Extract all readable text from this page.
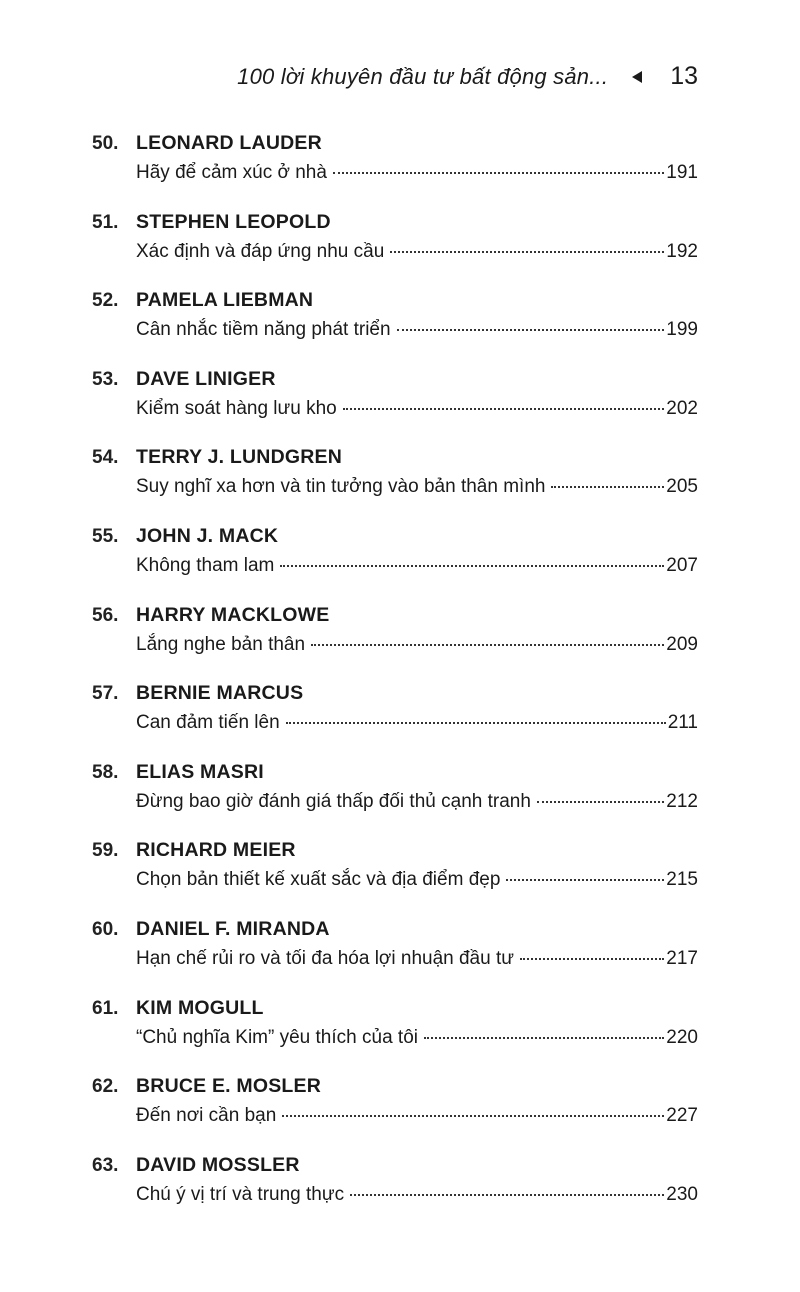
100 lời khuyên đầu tư bất động sản... 13
50. LEONARD LAUDER
Hãy để cảm xúc ở nhà	191
51. STEPHEN LEOPOLD
Xác định và đáp ứng nhu cầu	192
52. PAMELA LIEBMAN
Cân nhắc tiềm năng phát triển	199
53. DAVE LINIGER
Kiểm soát hàng lưu kho	202
54. TERRY J. LUNDGREN
Suy nghĩ xa hơn và tin tưởng vào bản thân mình	205
55. JOHN J. MACK
Không tham lam	207
56. HARRY MACKLOWE
Lắng nghe bản thân	209
57. BERNIE MARCUS
Can đảm tiến lên	211
58. ELIAS MASRI
Đừng bao giờ đánh giá thấp đối thủ cạnh tranh	212
59. RICHARD MEIER
Chọn bản thiết kế xuất sắc và địa điểm đẹp	215
60. DANIEL F. MIRANDA
Hạn chế rủi ro và tối đa hóa lợi nhuận đầu tư	217
61. KIM MOGULL
“Chủ nghĩa Kim” yêu thích của tôi	220
62. BRUCE E. MOSLER
Đến nơi cần bạn	227
63. DAVID MOSSLER
Chú ý vị trí và trung thực	230
